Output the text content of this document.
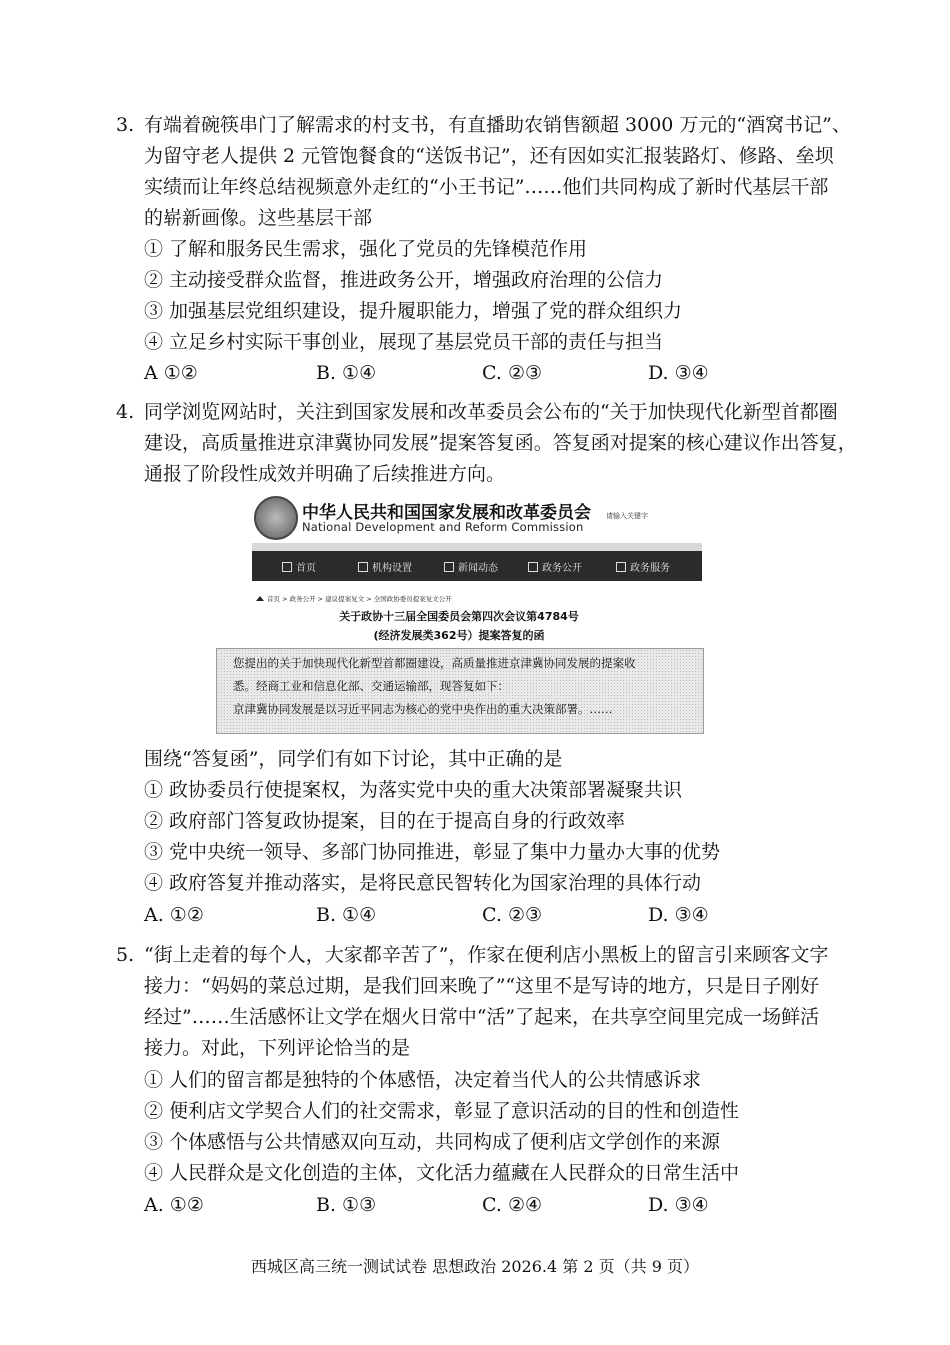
3. 有端着碗筷串门了解需求的村支书，有直播助农销售额超 3000 万元的“酒窝书记”、
为留守老人提供 2 元管饱餐食的“送饭书记”，还有因如实汇报装路灯、修路、垒坝
实绩而让年终总结视频意外走红的“小王书记”……他们共同构成了新时代基层干部
的崭新画像。这些基层干部
① 了解和服务民生需求，强化了党员的先锋模范作用
② 主动接受群众监督，推进政务公开，增强政府治理的公信力
③ 加强基层党组织建设，提升履职能力，增强了党的群众组织力
④ 立足乡村实际干事创业，展现了基层党员干部的责任与担当
A ①②	B. ①④	C. ②③	D. ③④
4. 同学浏览网站时，关注到国家发展和改革委员会公布的“关于加快现代化新型首都圈
建设，高质量推进京津冀协同发展”提案答复函。答复函对提案的核心建议作出答复，
通报了阶段性成效并明确了后续推进方向。
中华人民共和国国家发展和改革委员会
National Development and Reform Commission
请输入关键字
首页	机构设置	新闻动态	政务公开	政务服务
首页 > 政务公开 > 建议提案复文 > 全国政协委员提案复文公开
关于政协十三届全国委员会第四次会议第4784号
(经济发展类362号）提案答复的函
您提出的关于加快现代化新型首都圈建设，高质量推进京津冀协同发展的提案收
悉。经商工业和信息化部、交通运输部，现答复如下：
京津冀协同发展是以习近平同志为核心的党中央作出的重大决策部署。……
围绕“答复函”，同学们有如下讨论，其中正确的是
① 政协委员行使提案权，为落实党中央的重大决策部署凝聚共识
② 政府部门答复政协提案，目的在于提高自身的行政效率
③ 党中央统一领导、多部门协同推进，彰显了集中力量办大事的优势
④ 政府答复并推动落实，是将民意民智转化为国家治理的具体行动
A. ①②	B. ①④	C. ②③	D. ③④
5. “街上走着的每个人，大家都辛苦了”，作家在便利店小黑板上的留言引来顾客文字
接力：“妈妈的菜总过期，是我们回来晚了”“这里不是写诗的地方，只是日子刚好
经过”……生活感怀让文学在烟火日常中“活”了起来，在共享空间里完成一场鲜活
接力。对此，下列评论恰当的是
① 人们的留言都是独特的个体感悟，决定着当代人的公共情感诉求
② 便利店文学契合人们的社交需求，彰显了意识活动的目的性和创造性
③ 个体感悟与公共情感双向互动，共同构成了便利店文学创作的来源
④ 人民群众是文化创造的主体，文化活力蕴藏在人民群众的日常生活中
A. ①②	B. ①③	C. ②④	D. ③④
西城区高三统一测试试卷 思想政治 2026.4 第 2 页（共 9 页）
